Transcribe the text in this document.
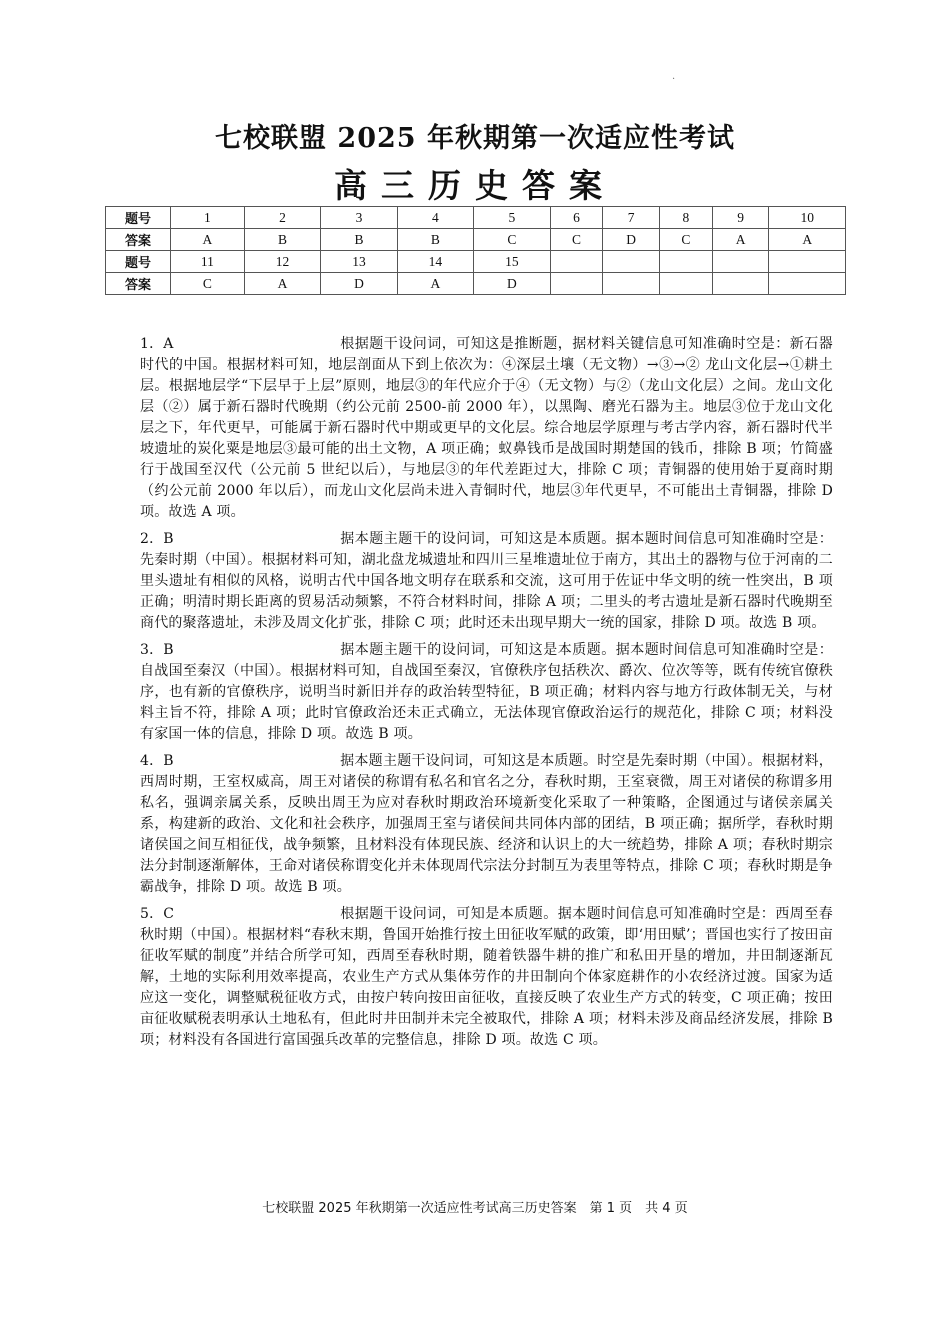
·
七校联盟 2025 年秋期第一次适应性考试
高三历史答案
题号	1	2	3	4	5	6	7	8	9	10
答案	A	B	B	B	C	C	D	C	A	A
题号	11	12	13	14	15					
答案	C	A	D	A	D					

1．A	根据题干设问词，可知这是推断题，据材料关键信息可知准确时空是：新石器时代的中国。根据材料可知，地层剖面从下到上依次为：④深层土壤（无文物）→③→② 龙山文化层→①耕土层。根据地层学“下层早于上层”原则，地层③的年代应介于④（无文物）与②（龙山文化层）之间。龙山文化层（②）属于新石器时代晚期（约公元前 2500-前 2000 年），以黑陶、磨光石器为主。地层③位于龙山文化层之下，年代更早，可能属于新石器时代中期或更早的文化层。综合地层学原理与考古学内容，新石器时代半坡遗址的炭化粟是地层③最可能的出土文物，A 项正确；蚁鼻钱币是战国时期楚国的钱币，排除 B 项；竹简盛行于战国至汉代（公元前 5 世纪以后），与地层③的年代差距过大，排除 C 项；青铜器的使用始于夏商时期（约公元前 2000 年以后），而龙山文化层尚未进入青铜时代，地层③年代更早，不可能出土青铜器，排除 D 项。故选 A 项。

2．B	据本题主题干的设问词，可知这是本质题。据本题时间信息可知准确时空是：先秦时期（中国）。根据材料可知，湖北盘龙城遗址和四川三星堆遗址位于南方，其出土的器物与位于河南的二里头遗址有相似的风格，说明古代中国各地文明存在联系和交流，这可用于佐证中华文明的统一性突出，B 项正确；明清时期长距离的贸易活动频繁，不符合材料时间，排除 A 项；二里头的考古遗址是新石器时代晚期至商代的聚落遗址，未涉及周文化扩张，排除 C 项；此时还未出现早期大一统的国家，排除 D 项。故选 B 项。

3．B	据本题主题干的设问词，可知这是本质题。据本题时间信息可知准确时空是：自战国至秦汉（中国）。根据材料可知，自战国至秦汉，官僚秩序包括秩次、爵次、位次等等，既有传统官僚秩序，也有新的官僚秩序，说明当时新旧并存的政治转型特征，B 项正确；材料内容与地方行政体制无关，与材料主旨不符，排除 A 项；此时官僚政治还未正式确立，无法体现官僚政治运行的规范化，排除 C 项；材料没有家国一体的信息，排除 D 项。故选 B 项。

4．B	据本题主题干设问词，可知这是本质题。时空是先秦时期（中国）。根据材料，西周时期，王室权威高，周王对诸侯的称谓有私名和官名之分，春秋时期，王室衰微，周王对诸侯的称谓多用私名，强调亲属关系，反映出周王为应对春秋时期政治环境新变化采取了一种策略，企图通过与诸侯亲属关系，构建新的政治、文化和社会秩序，加强周王室与诸侯间共同体内部的团结，B 项正确；据所学，春秋时期诸侯国之间互相征伐，战争频繁，且材料没有体现民族、经济和认识上的大一统趋势，排除 A 项；春秋时期宗法分封制逐渐解体，王命对诸侯称谓变化并未体现周代宗法分封制互为表里等特点，排除 C 项；春秋时期是争霸战争，排除 D 项。故选 B 项。

5．C	根据题干设问词，可知是本质题。据本题时间信息可知准确时空是：西周至春秋时期（中国）。根据材料“春秋末期，鲁国开始推行按土田征收军赋的政策，即‘用田赋’；晋国也实行了按田亩征收军赋的制度”并结合所学可知，西周至春秋时期，随着铁器牛耕的推广和私田开垦的增加，井田制逐渐瓦解，土地的实际利用效率提高，农业生产方式从集体劳作的井田制向个体家庭耕作的小农经济过渡。国家为适应这一变化，调整赋税征收方式，由按户转向按田亩征收，直接反映了农业生产方式的转变，C 项正确；按田亩征收赋税表明承认土地私有，但此时井田制并未完全被取代，排除 A 项；材料未涉及商品经济发展，排除 B 项；材料没有各国进行富国强兵改革的完整信息，排除 D 项。故选 C 项。

七校联盟 2025 年秋期第一次适应性考试高三历史答案　第 1 页　共 4 页
